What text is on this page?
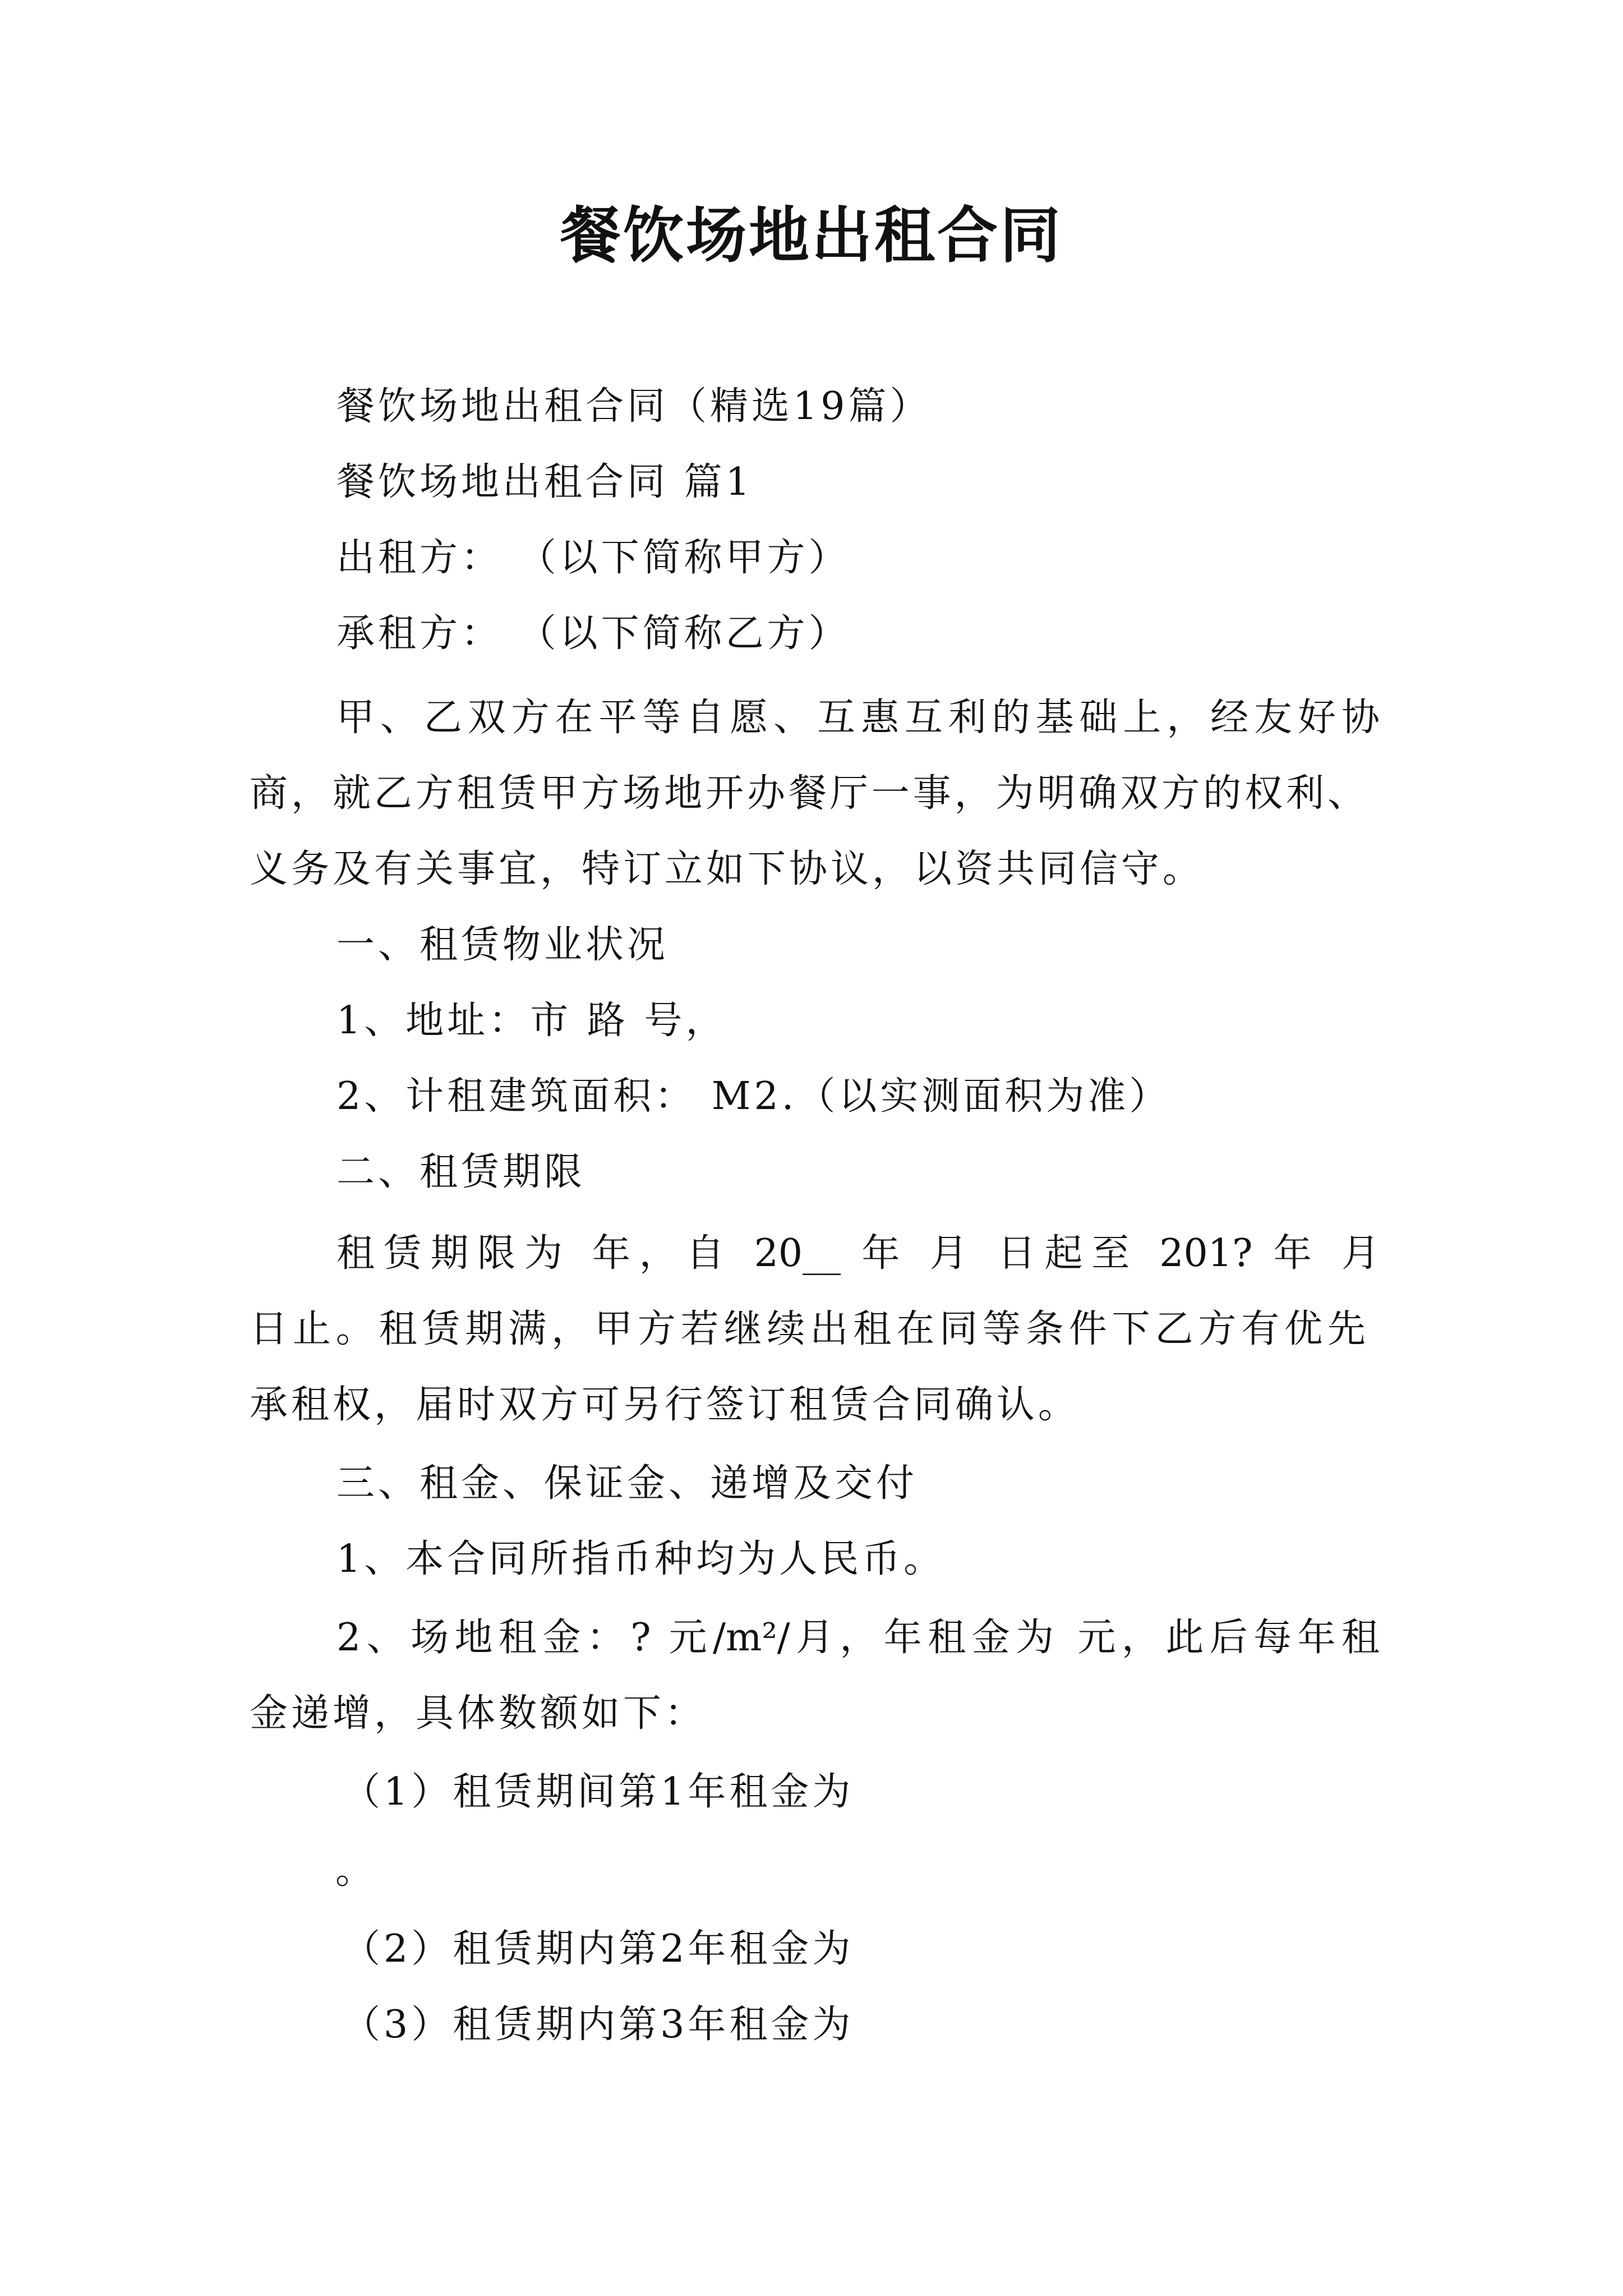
餐饮场地出租合同
餐饮场地出租合同（精选19篇）
餐饮场地出租合同 篇1
出租方： （以下简称甲方）
承租方： （以下简称乙方）
甲、乙双方在平等自愿、互惠互利的基础上，经友好协
商，就乙方租赁甲方场地开办餐厅一事，为明确双方的权利、
义务及有关事宜，特订立如下协议，以资共同信守。
一、租赁物业状况
1、地址：市 路 号，
2、计租建筑面积： M2.（以实测面积为准）
二、租赁期限
租赁期限为 年，自 20__ 年 月 日起至 201? 年 月
日止。租赁期满，甲方若继续出租在同等条件下乙方有优先
承租权，届时双方可另行签订租赁合同确认。
三、租金、保证金、递增及交付
1、本合同所指币种均为人民币。
2、场地租金：? 元/m²/月，年租金为 元，此后每年租
金递增，具体数额如下：
（1）租赁期间第1年租金为
。
（2）租赁期内第2年租金为
（3）租赁期内第3年租金为
